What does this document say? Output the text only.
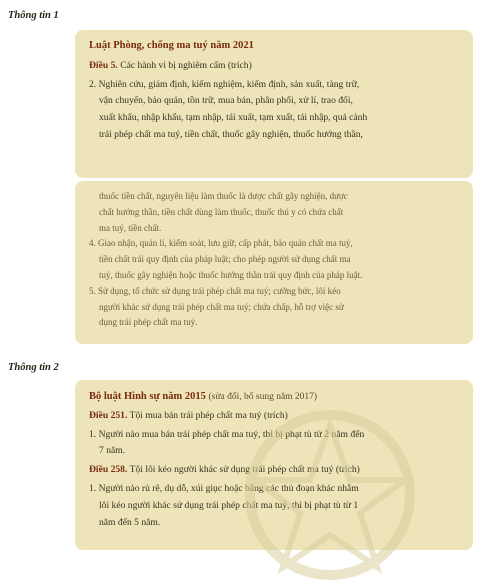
Thông tin 1
Luật Phòng, chống ma tuý năm 2021
Điều 5. Các hành vi bị nghiêm cấm (trích)
2. Nghiên cứu, giám định, kiểm nghiệm, kiểm định, sản xuất, tàng trữ,
vận chuyển, bảo quản, tồn trữ, mua bán, phân phối, xử lí, trao đổi,
xuất khẩu, nhập khẩu, tạm nhập, tái xuất, tạm xuất, tái nhập, quá cảnh
trái phép chất ma tuý, tiền chất, thuốc gây nghiện, thuốc hướng thần,
thuốc tiền chất, nguyên liệu làm thuốc là dược chất gây nghiện, dược
chất hướng thần, tiền chất dùng làm thuốc, thuốc thú y có chứa chất
ma tuý, tiền chất.
4. Giao nhận, quản lí, kiểm soát, lưu giữ, cấp phát, bảo quản chất ma tuý,
tiền chất trái quy định của pháp luật; cho phép người sử dụng chất ma
tuý, thuốc gây nghiện hoặc thuốc hướng thần trái quy định của pháp luật.
5. Sử dụng, tổ chức sử dụng trái phép chất ma tuý; cưỡng bức, lôi kéo
người khác sử dụng trái phép chất ma tuý; chứa chấp, hỗ trợ việc sử
dụng trái phép chất ma tuý.
Thông tin 2
Bộ luật Hình sự năm 2015 (sửa đổi, bổ sung năm 2017)
Điều 251. Tội mua bán trái phép chất ma tuý (trích)
1. Người nào mua bán trái phép chất ma tuý, thì bị phạt tù từ 2 năm đến
7 năm.
Điều 258. Tội lôi kéo người khác sử dụng trái phép chất ma tuý (trích)
1. Người nào rủ rê, dụ dỗ, xúi giục hoặc bằng các thủ đoạn khác nhằm
lôi kéo người khác sử dụng trái phép chất ma tuý, thì bị phạt tù từ 1
năm đến 5 năm.
